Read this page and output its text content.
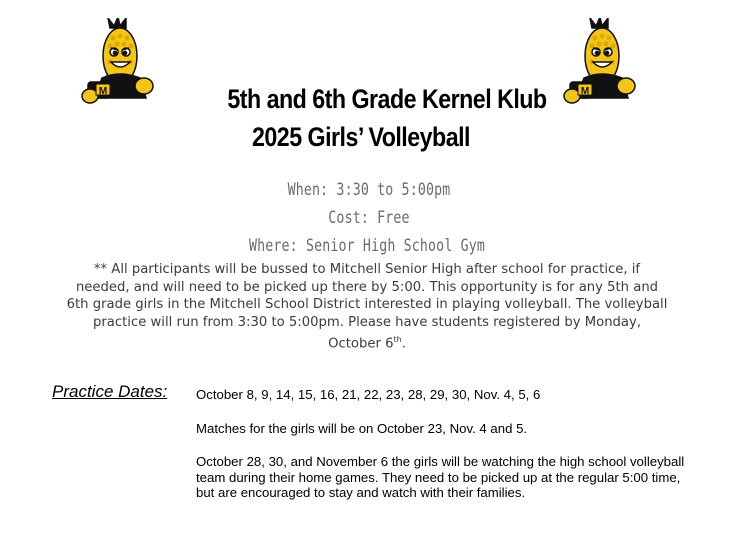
M	M
5th and 6th Grade Kernel Klub
2025 Girls’ Volleyball
When: 3:30 to 5:00pm
Cost: Free
Where: Senior High School Gym
** All participants will be bussed to Mitchell Senior High after school for practice, if needed, and will need to be picked up there by 5:00. This opportunity is for any 5th and 6th grade girls in the Mitchell School District interested in playing volleyball. The volleyball practice will run from 3:30 to 5:00pm. Please have students registered by Monday, October 6th.
Practice Dates: October 8, 9, 14, 15, 16, 21, 22, 23, 28, 29, 30, Nov. 4, 5, 6
Matches for the girls will be on October 23, Nov. 4 and 5.
October 28, 30, and November 6 the girls will be watching the high school volleyball team during their home games. They need to be picked up at the regular 5:00 time, but are encouraged to stay and watch with their families.
